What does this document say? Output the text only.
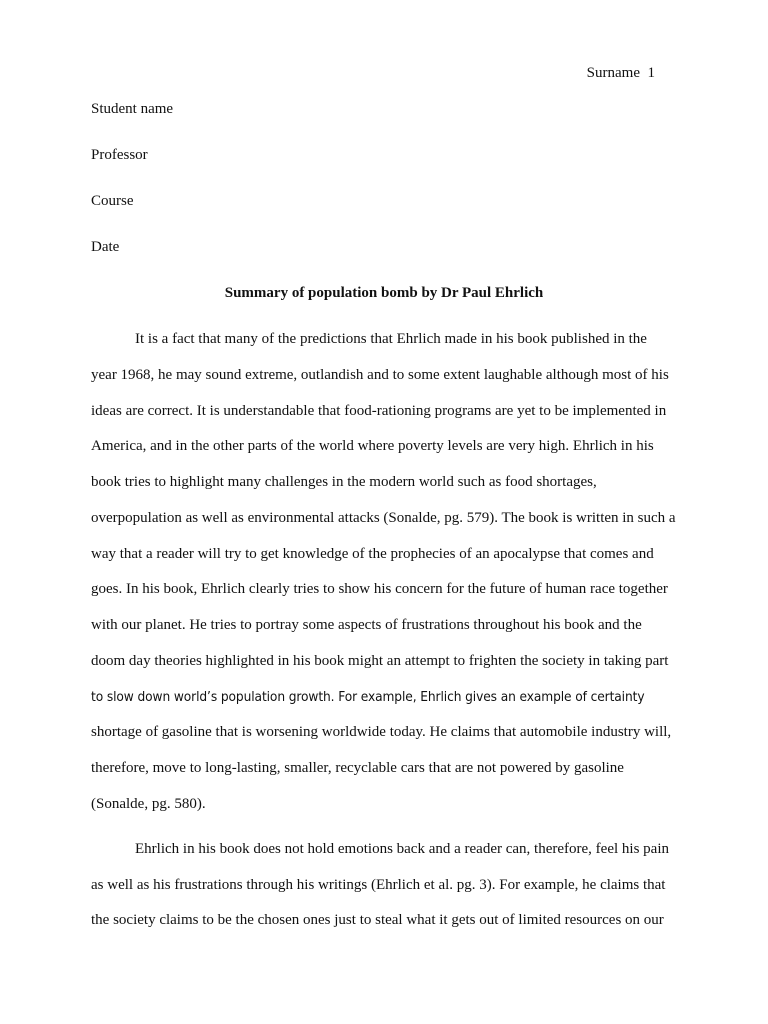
Surname  1
Student name
Professor
Course
Date
Summary of population bomb by Dr Paul Ehrlich
It is a fact that many of the predictions that Ehrlich made in his book published in the
year 1968, he may sound extreme, outlandish and to some extent laughable although most of his
ideas are correct. It is understandable that food-rationing programs are yet to be implemented in
America, and in the other parts of the world where poverty levels are very high. Ehrlich in his
book tries to highlight many challenges in the modern world such as food shortages,
overpopulation as well as environmental attacks (Sonalde, pg. 579). The book is written in such a
way that a reader will try to get knowledge of the prophecies of an apocalypse that comes and
goes. In his book, Ehrlich clearly tries to show his concern for the future of human race together
with our planet. He tries to portray some aspects of frustrations throughout his book and the
doom day theories highlighted in his book might an attempt to frighten the society in taking part
to slow down world’s population growth. For example, Ehrlich gives an example of certainty
shortage of gasoline that is worsening worldwide today. He claims that automobile industry will,
therefore, move to long-lasting, smaller, recyclable cars that are not powered by gasoline
(Sonalde, pg. 580).
Ehrlich in his book does not hold emotions back and a reader can, therefore, feel his pain
as well as his frustrations through his writings (Ehrlich et al. pg. 3). For example, he claims that
the society claims to be the chosen ones just to steal what it gets out of limited resources on our
